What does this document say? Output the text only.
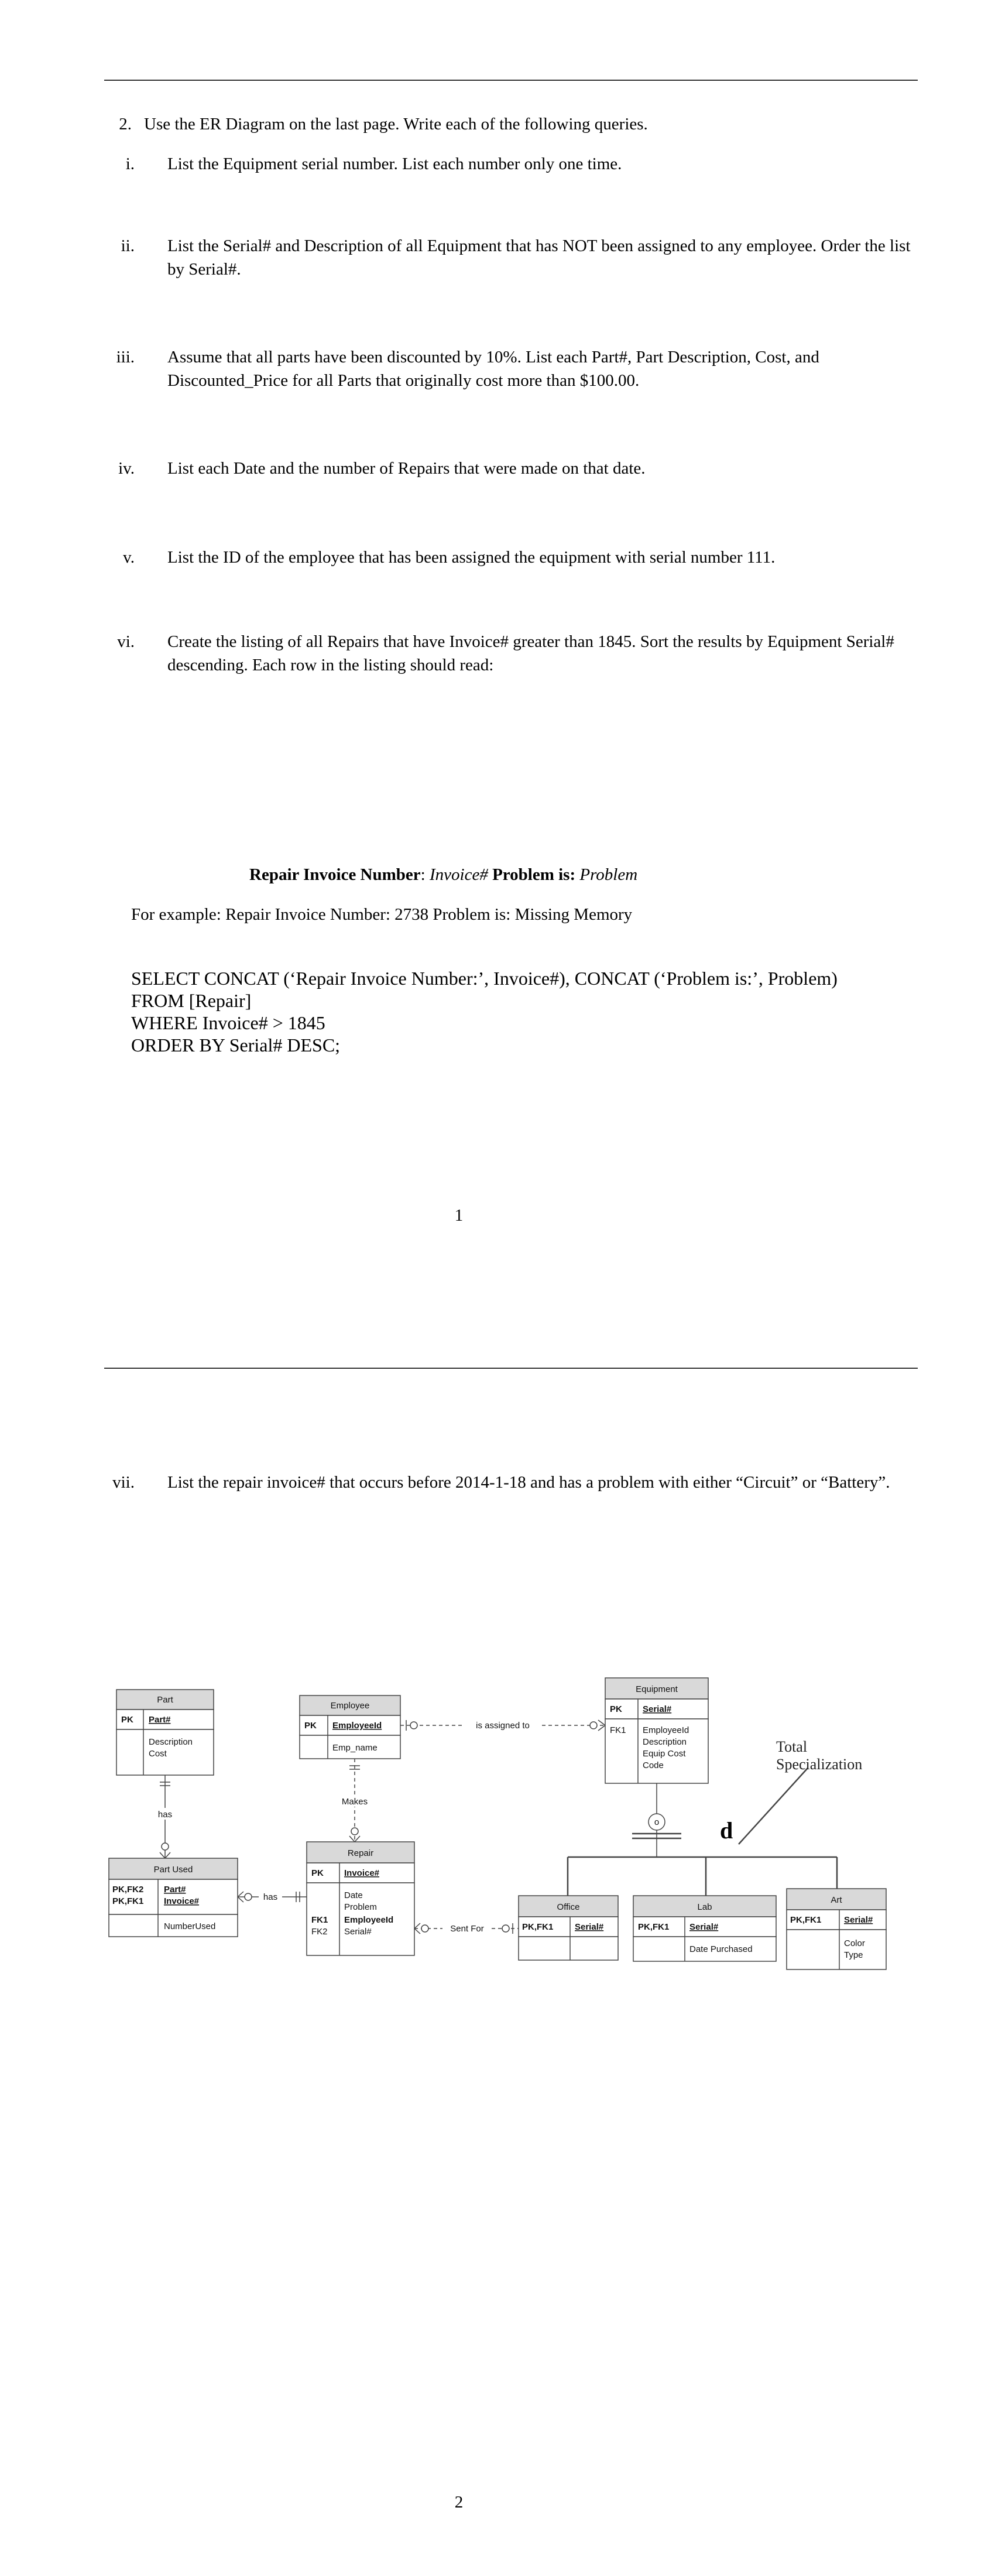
2. Use the ER Diagram on the last page. Write each of the following queries.
i. List the Equipment serial number. List each number only one time.
ii. List the Serial# and Description of all Equipment that has NOT been assigned to any employee. Order the list by Serial#.
iii. Assume that all parts have been discounted by 10%. List each Part#, Part Description, Cost, and Discounted_Price for all Parts that originally cost more than $100.00.
iv. List each Date and the number of Repairs that were made on that date.
v. List the ID of the employee that has been assigned the equipment with serial number 111.
vi. Create the listing of all Repairs that have Invoice# greater than 1845. Sort the results by Equipment Serial# descending. Each row in the listing should read:
Repair Invoice Number: Invoice# Problem is: Problem
For example: Repair Invoice Number: 2738 Problem is: Missing Memory
SELECT CONCAT (‘Repair Invoice Number:’, Invoice#), CONCAT (‘Problem is:’, Problem)
FROM [Repair]
WHERE Invoice# > 1845
ORDER BY Serial# DESC;
1
vii. List the repair invoice# that occurs before 2014-1-18 and has a problem with either “Circuit” or “Battery”.
Part
PK Part#
Description
Cost
Employee
PK EmployeeId
Emp_name
Equipment
PK Serial#
FK1 EmployeeId
Description
Equip Cost
Code
Part Used
PK,FK2
PK,FK1
Part#
Invoice#
NumberUsed
Repair
PK Invoice#
Date
Problem
FK1
FK2
EmployeeId
Serial#
Office
PK,FK1 Serial#
Lab
PK,FK1 Serial#
Date Purchased
Art
PK,FK1	Serial#
Color
Type
is assigned to
Makes
has
has
Sent For
o	d
Total
Specialization
2
